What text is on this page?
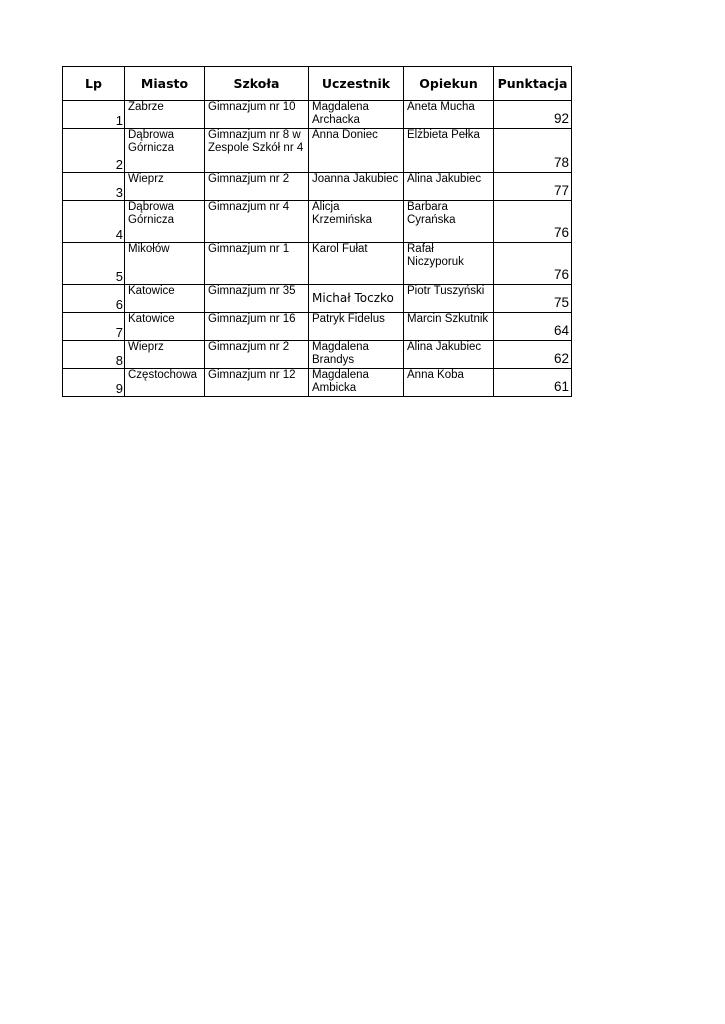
Lp	Miasto	Szkoła	Uczestnik	Opiekun	Punktacja
1	Zabrze	Gimnazjum nr 10	Magdalena Archacka	Aneta Mucha	92
2	Dąbrowa Górnicza	Gimnazjum nr 8 w Zespole Szkół nr 4	Anna Doniec	Elżbieta Pełka	78
3	Wieprz	Gimnazjum nr 2	Joanna Jakubiec	Alina Jakubiec	77
4	Dąbrowa Górnicza	Gimnazjum nr 4	Alicja Krzemińska	Barbara Cyrańska	76
5	Mikołów	Gimnazjum nr 1	Karol Fułat	Rafał Niczyporuk	76
6	Katowice	Gimnazjum nr 35	Michał Toczko	Piotr Tuszyński	75
7	Katowice	Gimnazjum nr 16	Patryk Fidelus	Marcin Szkutnik	64
8	Wieprz	Gimnazjum nr 2	Magdalena Brandys	Alina Jakubiec	62
9	Częstochowa	Gimnazjum nr 12	Magdalena Ambicka	Anna Koba	61
